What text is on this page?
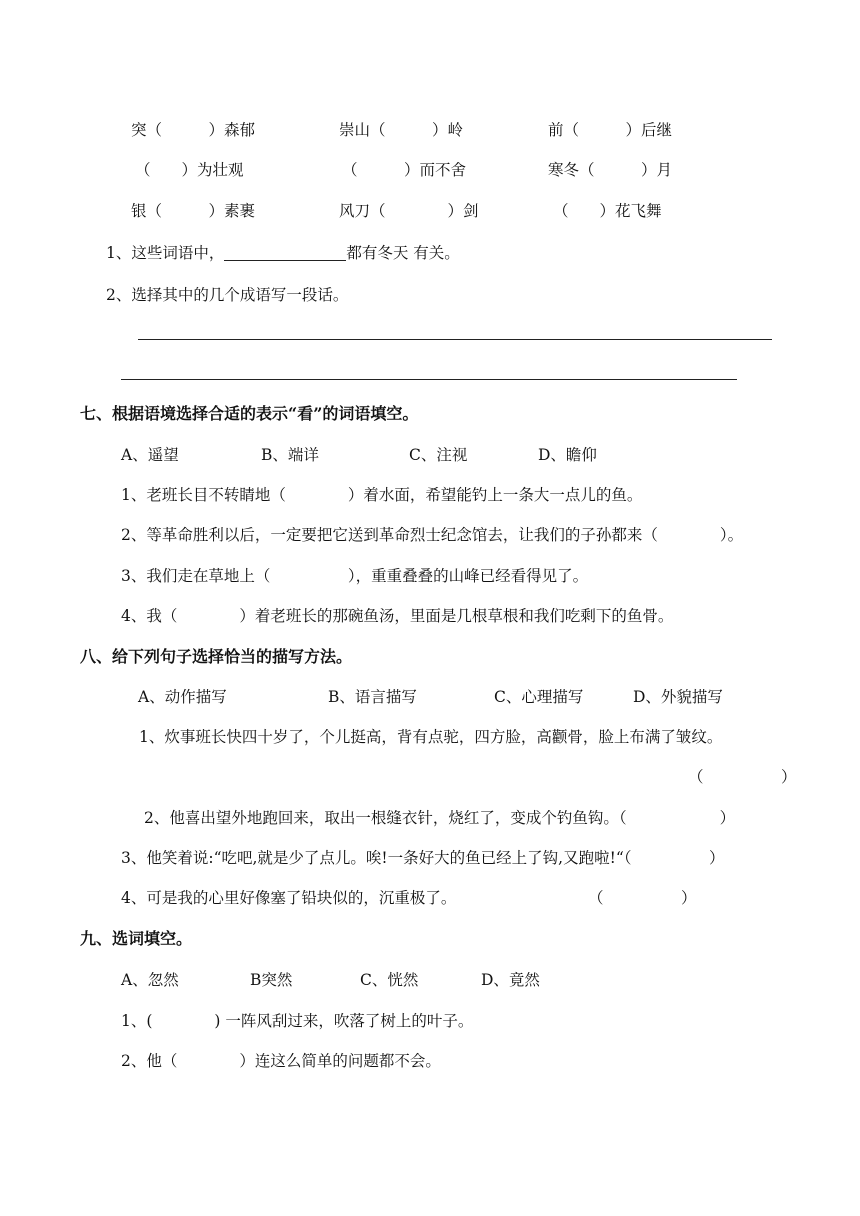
突（　　　）森郁	崇山（　　　）岭	前（　　　）后继
（　　）为壮观	（　　　）而不舍	寒冬（　　　）月
银（　　　）素裹	风刀（　　　　）剑	（　　）花飞舞
1、这些词语中，	都有冬天 有关。
2、选择其中的几个成语写一段话。
七、根据语境选择合适的表示“看”的词语填空。
A、遥望	B、端详	C、注视	D、瞻仰
1、老班长目不转睛地（　　　　）着水面，希望能钓上一条大一点儿的鱼。
2、等革命胜利以后，一定要把它送到革命烈士纪念馆去，让我们的子孙都来（　　　　）。
3、我们走在草地上（　　　　　），重重叠叠的山峰已经看得见了。
4、我（　　　　）着老班长的那碗鱼汤，里面是几根草根和我们吃剩下的鱼骨。
八、给下列句子选择恰当的描写方法。
A、动作描写	B、语言描写	C、心理描写	D、外貌描写
1、炊事班长快四十岁了，个儿挺高，背有点驼，四方脸，高颧骨，脸上布满了皱纹。
（　　　　　）
2、他喜出望外地跑回来，取出一根缝衣针，烧红了，变成个钓鱼钩。（　　　　　　）
3、他笑着说:“吃吧,就是少了点儿。唉!一条好大的鱼已经上了钩,又跑啦!“（　　　　　）
4、可是我的心里好像塞了铅块似的，沉重极了。	（　　　　　）
九、选词填空。
A、忽然	B突然	C、恍然	D、竟然
1、(　　　　) 一阵风刮过来，吹落了树上的叶子。
2、他（　　　　）连这么简单的问题都不会。
